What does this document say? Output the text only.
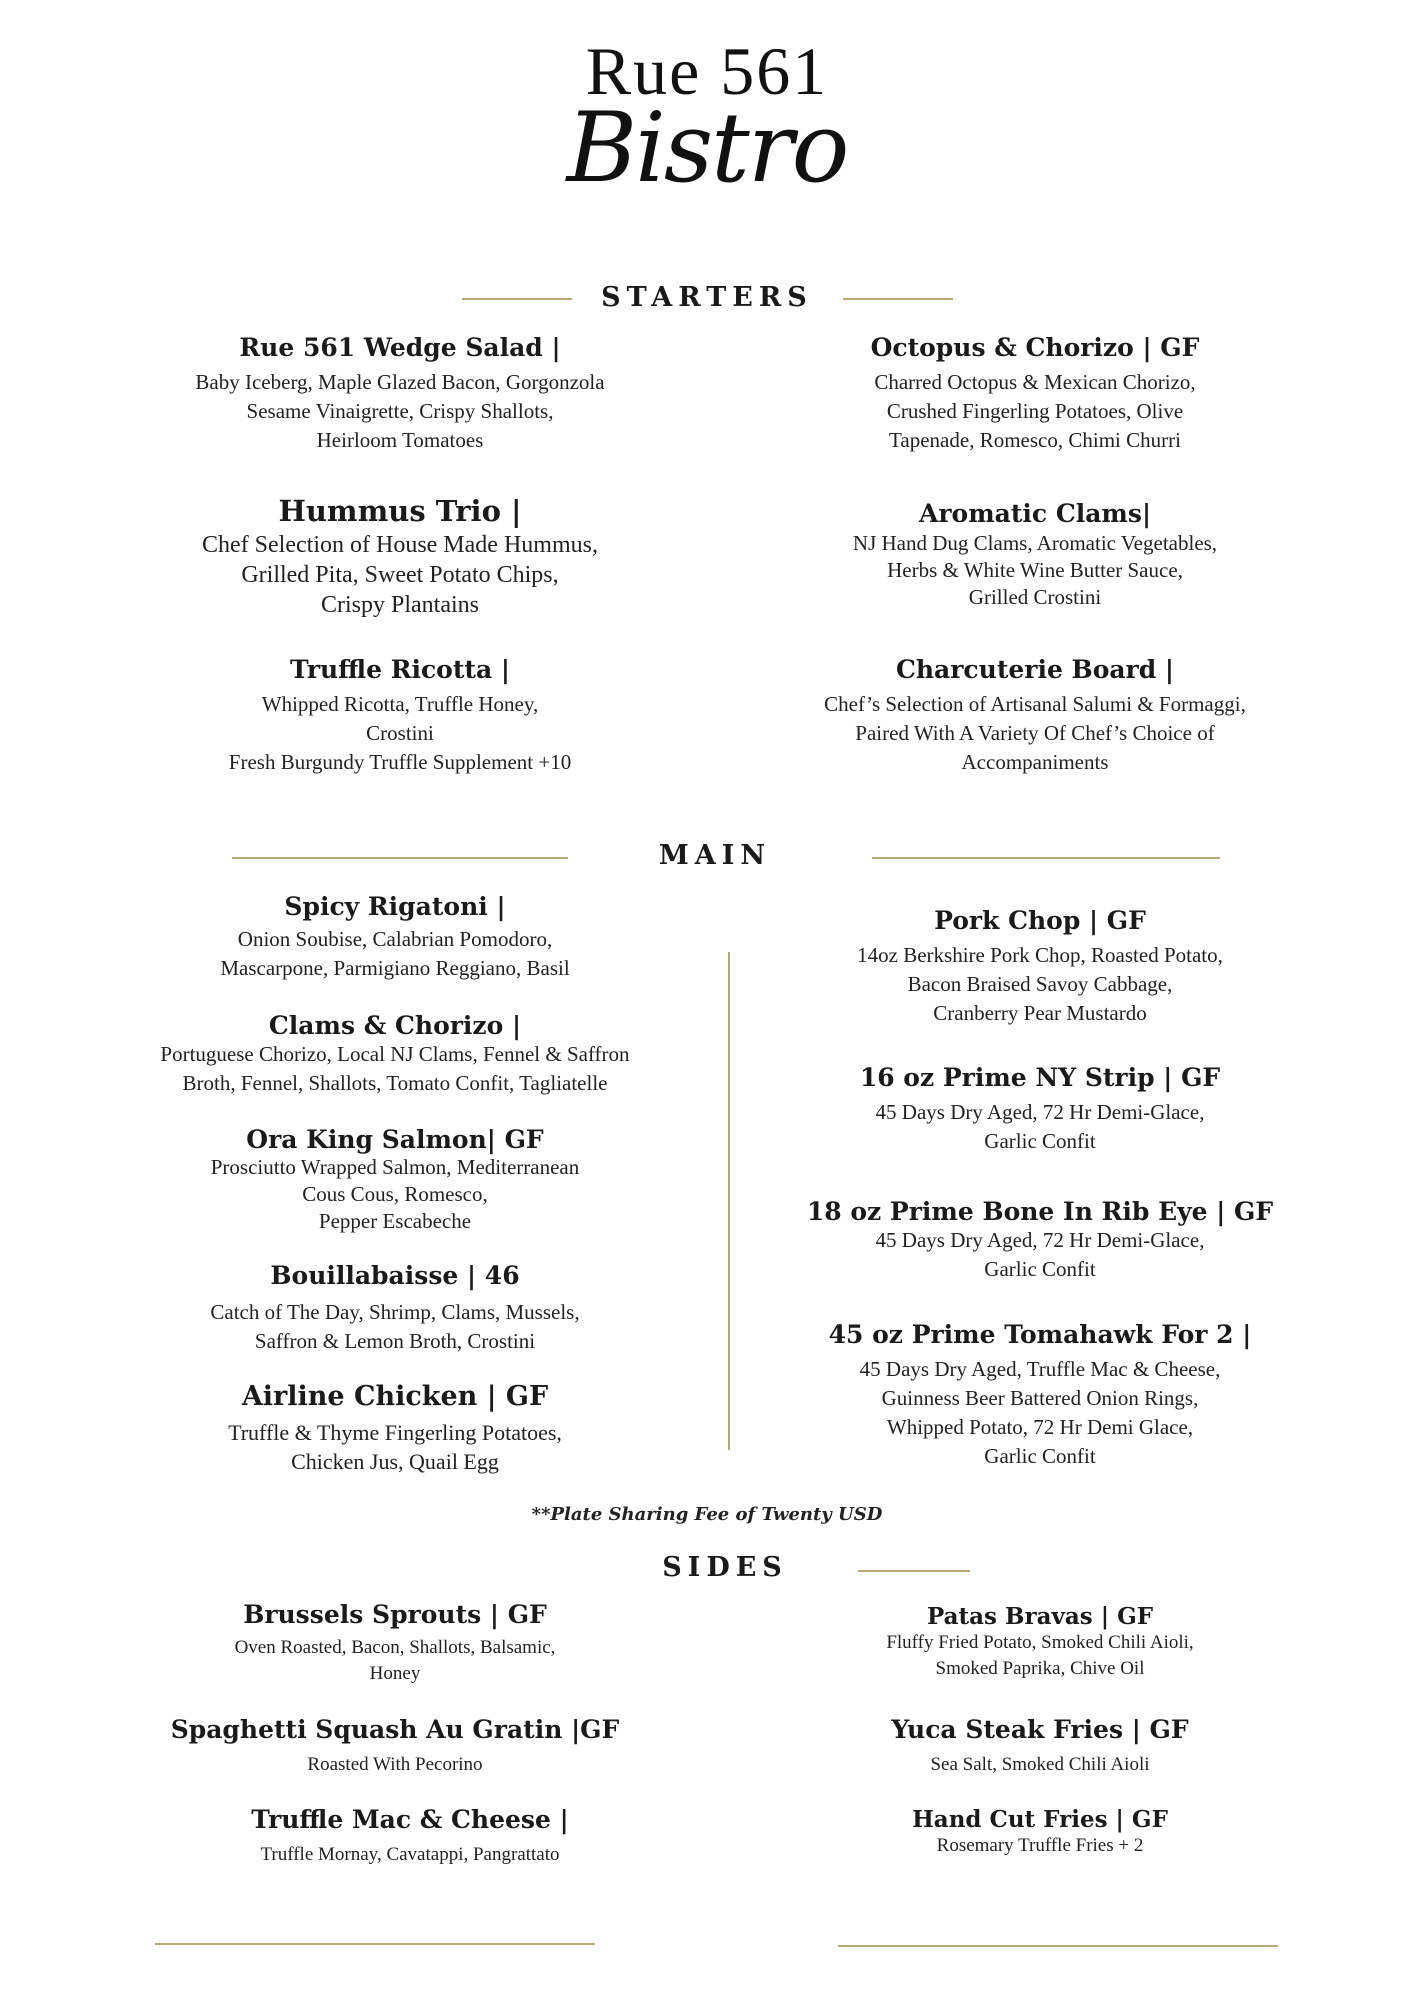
Rue 561
Bistro
STARTERS
Rue 561 Wedge Salad |
Baby Iceberg, Maple Glazed Bacon, Gorgonzola
Sesame Vinaigrette, Crispy Shallots,
Heirloom Tomatoes
Octopus & Chorizo | GF
Charred Octopus & Mexican Chorizo,
Crushed Fingerling Potatoes, Olive
Tapenade, Romesco, Chimi Churri
Hummus Trio |
Chef Selection of House Made Hummus,
Grilled Pita, Sweet Potato Chips,
Crispy Plantains
Aromatic Clams|
NJ Hand Dug Clams, Aromatic Vegetables,
Herbs & White Wine Butter Sauce,
Grilled Crostini
Truffle Ricotta |
Whipped Ricotta, Truffle Honey,
Crostini
Fresh Burgundy Truffle Supplement +10
Charcuterie Board |
Chef’s Selection of Artisanal Salumi & Formaggi,
Paired With A Variety Of Chef’s Choice of
Accompaniments
MAIN
Spicy Rigatoni |
Onion Soubise, Calabrian Pomodoro,
Mascarpone, Parmigiano Reggiano, Basil
Clams & Chorizo |
Portuguese Chorizo, Local NJ Clams, Fennel & Saffron
Broth, Fennel, Shallots, Tomato Confit, Tagliatelle
Ora King Salmon| GF
Prosciutto Wrapped Salmon, Mediterranean
Cous Cous, Romesco,
Pepper Escabeche
Bouillabaisse | 46
Catch of The Day, Shrimp, Clams, Mussels,
Saffron & Lemon Broth, Crostini
Airline Chicken | GF
Truffle & Thyme Fingerling Potatoes,
Chicken Jus, Quail Egg
Pork Chop | GF
14oz Berkshire Pork Chop, Roasted Potato,
Bacon Braised Savoy Cabbage,
Cranberry Pear Mustardo
16 oz Prime NY Strip | GF
45 Days Dry Aged, 72 Hr Demi-Glace,
Garlic Confit
18 oz Prime Bone In Rib Eye | GF
45 Days Dry Aged, 72 Hr Demi-Glace,
Garlic Confit
45 oz Prime Tomahawk For 2 |
45 Days Dry Aged, Truffle Mac & Cheese,
Guinness Beer Battered Onion Rings,
Whipped Potato, 72 Hr Demi Glace,
Garlic Confit
**Plate Sharing Fee of Twenty USD
SIDES
Brussels Sprouts | GF
Oven Roasted, Bacon, Shallots, Balsamic,
Honey
Patas Bravas | GF
Fluffy Fried Potato, Smoked Chili Aioli,
Smoked Paprika, Chive Oil
Spaghetti Squash Au Gratin |GF
Roasted With Pecorino
Yuca Steak Fries | GF
Sea Salt, Smoked Chili Aioli
Truffle Mac & Cheese |
Truffle Mornay, Cavatappi, Pangrattato
Hand Cut Fries | GF
Rosemary Truffle Fries + 2
